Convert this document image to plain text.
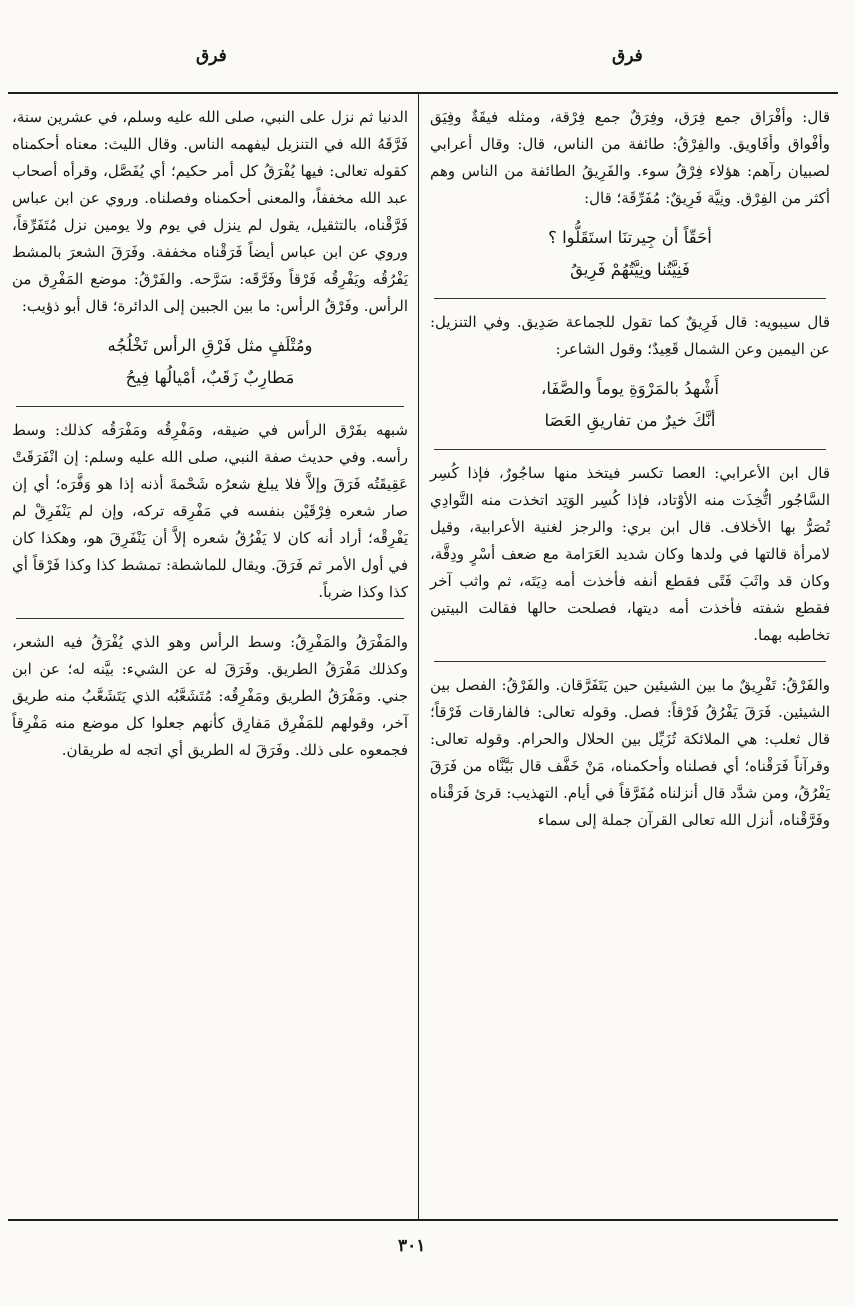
فرق
فرق

قال: وأفْرَاق جمع فِرَق، وفِرَقٌ جمع فِرْقة، ومثله فيقَةٌ وفِيَق وأفْواق وأفَاويق. والفِرْقُ: طائفة من الناس، قال: وقال أعرابي لصبيان رآهم: هؤلاء فِرْقُ سوء. والفَرِيقُ الطائفة من الناس وهم أكثر من الفِرْق. ونِيَّة فَرِيقٌ: مُفَرِّقَة؛ قال:

أحَقّاً أن جِيرتنَا استَقَلُّوا ؟
فَنِيَّتُنا ونِيَّتُهُمْ فَرِيقُ

قال سيبويه: قال فَرِيقٌ كما تقول للجماعة صَدِيق. وفي التنزيل: عن اليمين وعن الشمال قَعِيدٌ؛ وقول الشاعر:

أَشْهدُ بالمَرْوَةِ يوماً والصَّفَا،
أنَّكَ خيرٌ من تفاريقِ العَصَا

قال ابن الأعرابي: العصا تكسر فيتخذ منها ساجُورٌ، فإذا كُسِر السَّاجُور اتُّخِذَت منه الأوْتاد، فإذا كُسِر الوَتِد اتخذت منه التَّوادِي تُصَرُّ بها الأخلاف. قال ابن بري: والرجز لغنية الأعرابية، وقيل لامرأة قالتها في ولدها وكان شديد العَرَامة مع ضعف أسْرٍ ودِقَّة، وكان قد واثَبَ فَتًى فقطع أنفه فأخذت أمه دِيَتَه، ثم واثب آخر فقطع شفته فأخذت أمه ديتها، فصلحت حالها فقالت البيتين تخاطبه بهما.

والفَرْقُ: تَفْرِيقٌ ما بين الشيئين حين يَتَفَرَّقان. والفَرْقُ: الفصل بين الشيئين. فَرَقَ يَفْرُقُ فَرْقاً: فصل. وقوله تعالى: فالفارقات فَرْقاً؛ قال ثعلب: هي الملائكة تُزَيِّل بين الحلال والحرام. وقوله تعالى: وقرآناً فَرَقْناه؛ أي فصلناه وأحكمناه، مَنْ خَفَّف قال بَيَّنَّاه من فَرَقَ يَفْرُقُ، ومن شدَّد قال أنزلناه مُفَرَّقاً في أيام. التهذيب: قرئ فَرَقْناه وفَرَّقْناه، أنزل الله تعالى القرآن جملة إلى سماء

الدنيا ثم نزل على النبي، صلى الله عليه وسلم، في عشرين سنة، فَرَّقَهُ الله في التنزيل ليفهمه الناس. وقال الليث: معناه أحكمناه كقوله تعالى: فيها يُفْرَقُ كل أمر حكيم؛ أي يُفَصَّل، وقرأه أصحاب عبد الله مخففاً، والمعنى أحكمناه وفصلناه. وروي عن ابن عباس فَرَّقْناه، بالتثقيل، يقول لم ينزل في يوم ولا يومين نزل مُتَفَرِّقاً، وروي عن ابن عباس أيضاً فَرَقْناه مخففة. وفَرَقَ الشعرَ بالمشط يَفْرُقُه ويَفْرِقُه فَرْقاً وفَرَّقَه: سَرَّحه. والفَرْقُ: موضع المَفْرِق من الرأس. وفَرْقُ الرأس: ما بين الجبين إلى الدائرة؛ قال أبو ذؤيب:

ومُتْلَفٍ مثل فَرْقِ الرأس تَخْلُجُه
مَطارِبٌ زَقَبٌ، أمْيالُها فِيحُ

شبهه بفَرْق الرأس في ضيقه، ومَفْرِقُه ومَفْرَقُه كذلك: وسط رأسه. وفي حديث صفة النبي، صلى الله عليه وسلم: إن انْفَرَقَتْ عَقِيقَتُه فَرَقَ وإلاَّ فلا يبلغ شعرُه شَحْمةَ أذنه إذا هو وَفَّرَه؛ أي إن صار شعره فِرْقَيْن بنفسه في مَفْرِقه تركه، وإن لم يَنْفَرِقْ لم يَفْرِقْه؛ أراد أنه كان لا يَفْرُقُ شعره إلاَّ أن يَنْفَرِقَ هو، وهكذا كان في أول الأمر ثم فَرَقَ. ويقال للماشطة: تمشط كذا وكذا فَرْقاً أي كذا وكذا ضرباً.

والمَفْرَقُ والمَفْرِقُ: وسط الرأس وهو الذي يُفْرَقُ فيه الشعر، وكذلك مَفْرَقُ الطريق. وفَرَقَ له عن الشيء: بيَّنه له؛ عن ابن جني. ومَفْرَقُ الطريق ومَفْرِقُه: مُتَشَعَّبُه الذي يَتَشَعَّبُ منه طريق آخر، وقولهم للمَفْرِق مَفارِق كأنهم جعلوا كل موضع منه مَفْرِقاً فجمعوه على ذلك. وفَرَقَ له الطريق أي اتجه له طريقان.

٣٠١
